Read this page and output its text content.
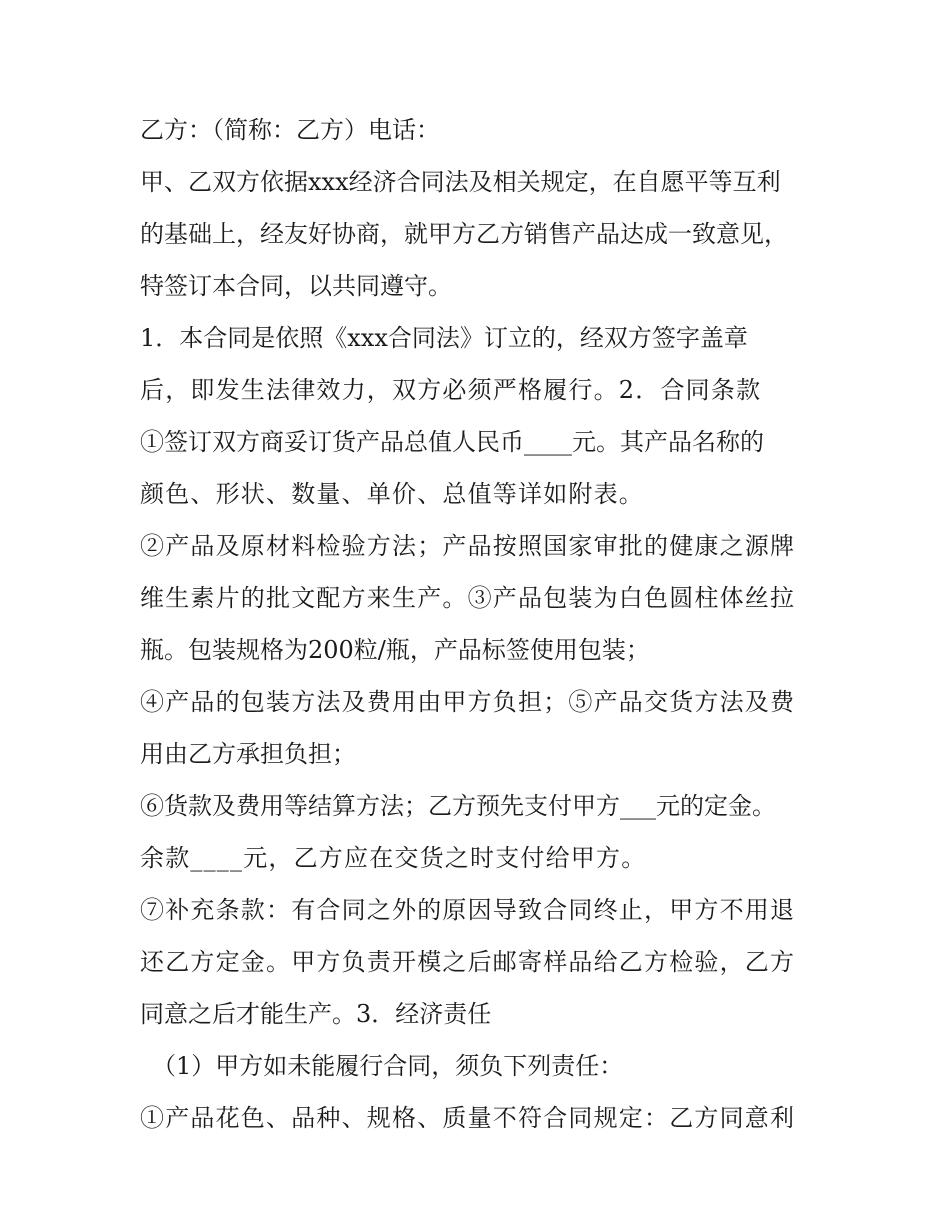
乙方：（简称：乙方）电话：
甲、乙双方依据xxx经济合同法及相关规定，在自愿平等互利
的基础上，经友好协商，就甲方乙方销售产品达成一致意见，
特签订本合同，以共同遵守。
1．本合同是依照《xxx合同法》订立的，经双方签字盖章
后，即发生法律效力，双方必须严格履行。2．合同条款
①签订双方商妥订货产品总值人民币____元。其产品名称的
颜色、形状、数量、单价、总值等详如附表。
②产品及原材料检验方法；产品按照国家审批的健康之源牌
维生素片的批文配方来生产。③产品包装为白色圆柱体丝拉
瓶。包装规格为200粒/瓶，产品标签使用包装；
④产品的包装方法及费用由甲方负担；⑤产品交货方法及费
用由乙方承担负担；
⑥货款及费用等结算方法；乙方预先支付甲方___元的定金。
余款____元，乙方应在交货之时支付给甲方。
⑦补充条款：有合同之外的原因导致合同终止，甲方不用退
还乙方定金。甲方负责开模之后邮寄样品给乙方检验，乙方
同意之后才能生产。3．经济责任
（1）甲方如未能履行合同，须负下列责任：
①产品花色、品种、规格、质量不符合同规定：乙方同意利
